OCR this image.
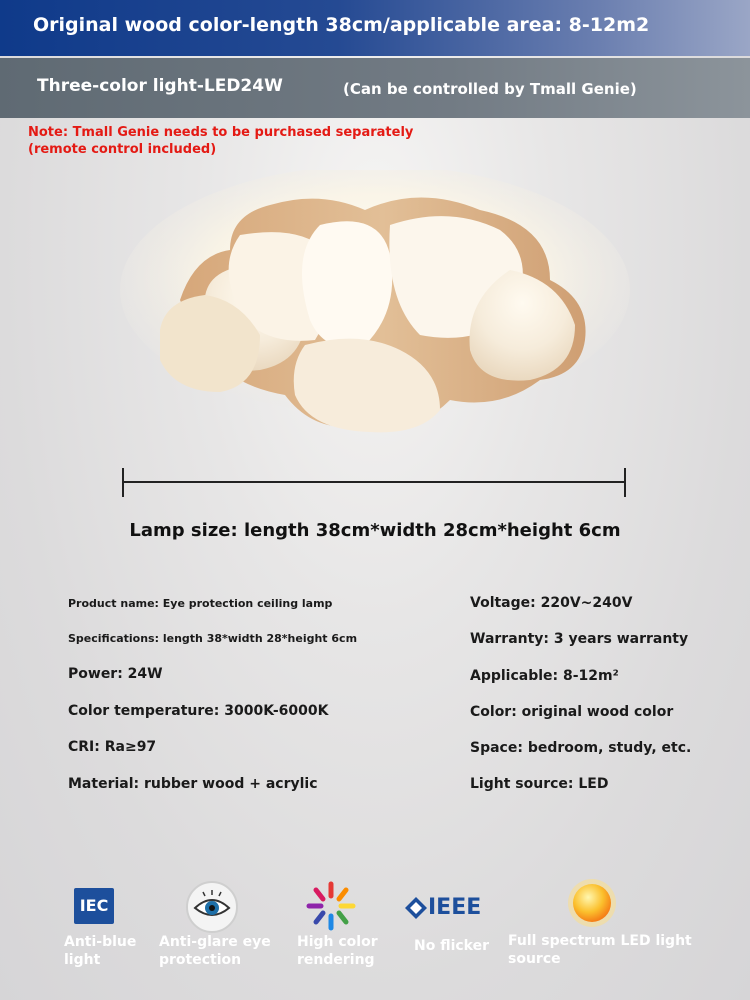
Original wood color-length 38cm/applicable area: 8-12m2
Three-color light-LED24W	(Can be controlled by Tmall Genie)
Note: Tmall Genie needs to be purchased separately (remote control included)
Lamp size: length 38cm*width 28cm*height 6cm
Product name: Eye protection ceiling lamp
Specifications: length 38*width 28*height 6cm
Power: 24W
Color temperature: 3000K-6000K
CRI: Ra≥97
Material: rubber wood + acrylic
Voltage: 220V~240V
Warranty: 3 years warranty
Applicable: 8-12m²
Color: original wood color
Space: bedroom, study, etc.
Light source: LED
IEC
Anti-blue
light
Anti-glare eye
protection
High color
rendering
IEEE
No flicker Full spectrum LED light
source
